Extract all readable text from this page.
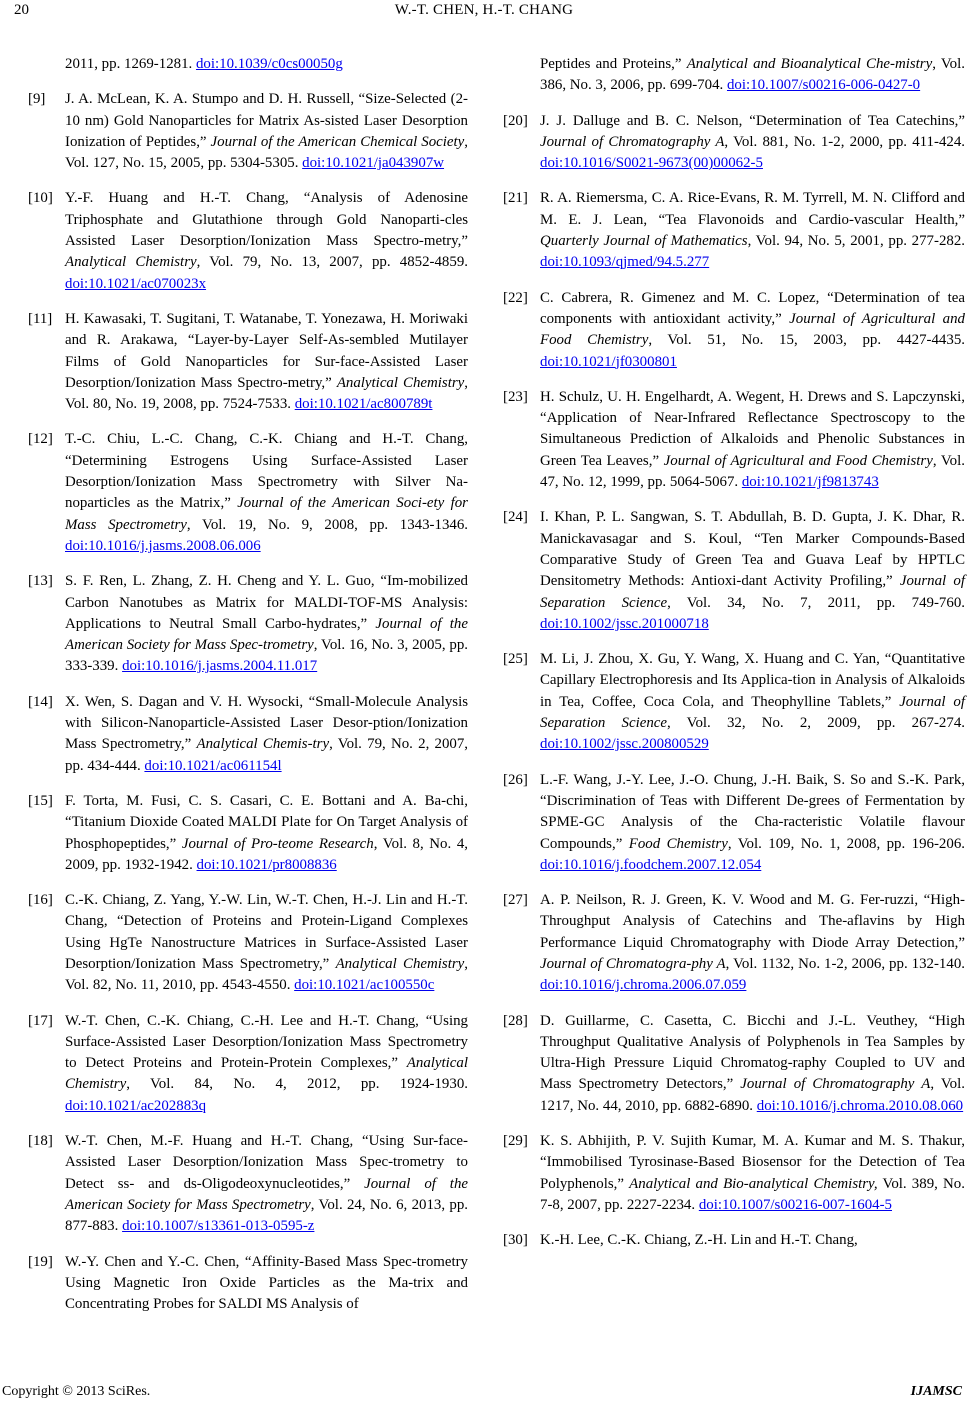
20	W.-T. CHEN, H.-T. CHANG
2011, pp. 1269-1281. doi:10.1039/c0cs00050g
[9] J. A. McLean, K. A. Stumpo and D. H. Russell, “Size-Selected (2-10 nm) Gold Nanoparticles for Matrix As-sisted Laser Desorption Ionization of Peptides,” Journal of the American Chemical Society, Vol. 127, No. 15, 2005, pp. 5304-5305. doi:10.1021/ja043907w
[10] Y.-F. Huang and H.-T. Chang, “Analysis of Adenosine Triphosphate and Glutathione through Gold Nanoparti-cles Assisted Laser Desorption/Ionization Mass Spectro-metry,” Analytical Chemistry, Vol. 79, No. 13, 2007, pp. 4852-4859. doi:10.1021/ac070023x
[11] H. Kawasaki, T. Sugitani, T. Watanabe, T. Yonezawa, H. Moriwaki and R. Arakawa, “Layer-by-Layer Self-As-sembled Mutilayer Films of Gold Nanoparticles for Sur-face-Assisted Laser Desorption/Ionization Mass Spectro-metry,” Analytical Chemistry, Vol. 80, No. 19, 2008, pp. 7524-7533. doi:10.1021/ac800789t
[12] T.-C. Chiu, L.-C. Chang, C.-K. Chiang and H.-T. Chang, “Determining Estrogens Using Surface-Assisted Laser Desorption/Ionization Mass Spectrometry with Silver Na-noparticles as the Matrix,” Journal of the American Soci-ety for Mass Spectrometry, Vol. 19, No. 9, 2008, pp. 1343-1346. doi:10.1016/j.jasms.2008.06.006
[13] S. F. Ren, L. Zhang, Z. H. Cheng and Y. L. Guo, “Im-mobilized Carbon Nanotubes as Matrix for MALDI-TOF-MS Analysis: Applications to Neutral Small Carbo-hydrates,” Journal of the American Society for Mass Spec-trometry, Vol. 16, No. 3, 2005, pp. 333-339. doi:10.1016/j.jasms.2004.11.017
[14] X. Wen, S. Dagan and V. H. Wysocki, “Small-Molecule Analysis with Silicon-Nanoparticle-Assisted Laser Desor-ption/Ionization Mass Spectrometry,” Analytical Chemis-try, Vol. 79, No. 2, 2007, pp. 434-444. doi:10.1021/ac061154l
[15] F. Torta, M. Fusi, C. S. Casari, C. E. Bottani and A. Ba-chi, “Titanium Dioxide Coated MALDI Plate for On Target Analysis of Phosphopeptides,” Journal of Pro-teome Research, Vol. 8, No. 4, 2009, pp. 1932-1942. doi:10.1021/pr8008836
[16] C.-K. Chiang, Z. Yang, Y.-W. Lin, W.-T. Chen, H.-J. Lin and H.-T. Chang, “Detection of Proteins and Protein-Ligand Complexes Using HgTe Nanostructure Matrices in Surface-Assisted Laser Desorption/Ionization Mass Spectrometry,” Analytical Chemistry, Vol. 82, No. 11, 2010, pp. 4543-4550. doi:10.1021/ac100550c
[17] W.-T. Chen, C.-K. Chiang, C.-H. Lee and H.-T. Chang, “Using Surface-Assisted Laser Desorption/Ionization Mass Spectrometry to Detect Proteins and Protein-Protein Complexes,” Analytical Chemistry, Vol. 84, No. 4, 2012, pp. 1924-1930. doi:10.1021/ac202883q
[18] W.-T. Chen, M.-F. Huang and H.-T. Chang, “Using Sur-face-Assisted Laser Desorption/Ionization Mass Spec-trometry to Detect ss- and ds-Oligodeoxynucleotides,” Journal of the American Society for Mass Spectrometry, Vol. 24, No. 6, 2013, pp. 877-883. doi:10.1007/s13361-013-0595-z
[19] W.-Y. Chen and Y.-C. Chen, “Affinity-Based Mass Spec-trometry Using Magnetic Iron Oxide Particles as the Ma-trix and Concentrating Probes for SALDI MS Analysis of
Peptides and Proteins,” Analytical and Bioanalytical Che-mistry, Vol. 386, No. 3, 2006, pp. 699-704. doi:10.1007/s00216-006-0427-0
[20] J. J. Dalluge and B. C. Nelson, “Determination of Tea Catechins,” Journal of Chromatography A, Vol. 881, No. 1-2, 2000, pp. 411-424. doi:10.1016/S0021-9673(00)00062-5
[21] R. A. Riemersma, C. A. Rice-Evans, R. M. Tyrrell, M. N. Clifford and M. E. J. Lean, “Tea Flavonoids and Cardio-vascular Health,” Quarterly Journal of Mathematics, Vol. 94, No. 5, 2001, pp. 277-282. doi:10.1093/qjmed/94.5.277
[22] C. Cabrera, R. Gimenez and M. C. Lopez, “Determination of tea components with antioxidant activity,” Journal of Agricultural and Food Chemistry, Vol. 51, No. 15, 2003, pp. 4427-4435. doi:10.1021/jf0300801
[23] H. Schulz, U. H. Engelhardt, A. Wegent, H. Drews and S. Lapczynski, “Application of Near-Infrared Reflectance Spectroscopy to the Simultaneous Prediction of Alkaloids and Phenolic Substances in Green Tea Leaves,” Journal of Agricultural and Food Chemistry, Vol. 47, No. 12, 1999, pp. 5064-5067. doi:10.1021/jf9813743
[24] I. Khan, P. L. Sangwan, S. T. Abdullah, B. D. Gupta, J. K. Dhar, R. Manickavasagar and S. Koul, “Ten Marker Compounds-Based Comparative Study of Green Tea and Guava Leaf by HPTLC Densitometry Methods: Antioxi-dant Activity Profiling,” Journal of Separation Science, Vol. 34, No. 7, 2011, pp. 749-760. doi:10.1002/jssc.201000718
[25] M. Li, J. Zhou, X. Gu, Y. Wang, X. Huang and C. Yan, “Quantitative Capillary Electrophoresis and Its Applica-tion in Analysis of Alkaloids in Tea, Coffee, Coca Cola, and Theophylline Tablets,” Journal of Separation Science, Vol. 32, No. 2, 2009, pp. 267-274. doi:10.1002/jssc.200800529
[26] L.-F. Wang, J.-Y. Lee, J.-O. Chung, J.-H. Baik, S. So and S.-K. Park, “Discrimination of Teas with Different De-grees of Fermentation by SPME-GC Analysis of the Cha-racteristic Volatile flavour Compounds,” Food Chemistry, Vol. 109, No. 1, 2008, pp. 196-206. doi:10.1016/j.foodchem.2007.12.054
[27] A. P. Neilson, R. J. Green, K. V. Wood and M. G. Fer-ruzzi, “High-Throughput Analysis of Catechins and The-aflavins by High Performance Liquid Chromatography with Diode Array Detection,” Journal of Chromatogra-phy A, Vol. 1132, No. 1-2, 2006, pp. 132-140. doi:10.1016/j.chroma.2006.07.059
[28] D. Guillarme, C. Casetta, C. Bicchi and J.-L. Veuthey, “High Throughput Qualitative Analysis of Polyphenols in Tea Samples by Ultra-High Pressure Liquid Chromatog-raphy Coupled to UV and Mass Spectrometry Detectors,” Journal of Chromatography A, Vol. 1217, No. 44, 2010, pp. 6882-6890. doi:10.1016/j.chroma.2010.08.060
[29] K. S. Abhijith, P. V. Sujith Kumar, M. A. Kumar and M. S. Thakur, “Immobilised Tyrosinase-Based Biosensor for the Detection of Tea Polyphenols,” Analytical and Bio-analytical Chemistry, Vol. 389, No. 7-8, 2007, pp. 2227-2234. doi:10.1007/s00216-007-1604-5
[30] K.-H. Lee, C.-K. Chiang, Z.-H. Lin and H.-T. Chang,
Copyright © 2013 SciRes.	IJAMSC
